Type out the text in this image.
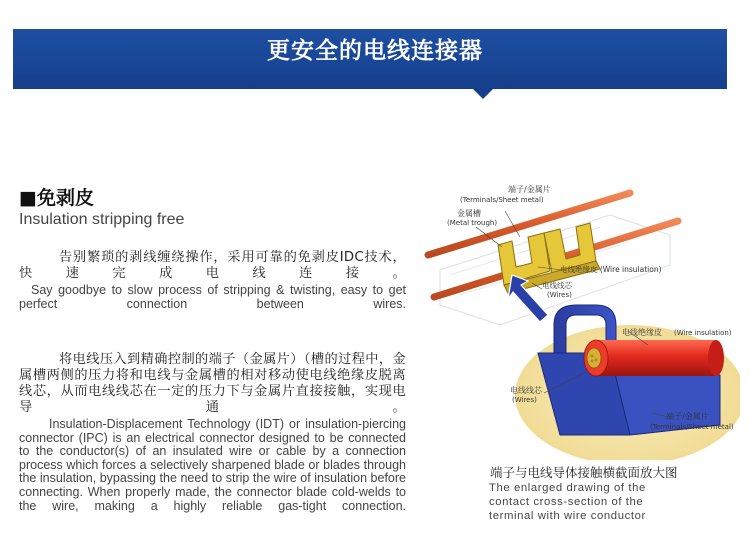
更安全的电线连接器
■免剥皮
Insulation stripping free
告别繁琐的剥线缠绕操作，采用可靠的免剥皮IDC技术，快速完成电线连接。
Say goodbye to slow process of stripping & twisting, easy to get perfect connection between wires.
将电线压入到精确控制的端子（金属片）（槽的过程中，金属槽两侧的压力将和电线与金属槽的相对移动使电线绝缘皮脱离线芯，从而电线线芯在一定的压力下与金属片直接接触，实现电导通。
Insulation-Displacement Technology (IDT) or insulation-piercing connector (IPC) is an electrical connector designed to be connected to the conductor(s) of an insulated wire or cable by a connection process which forces a selectively sharpened blade or blades through the insulation, bypassing the need to strip the wire of insulation before connecting. When properly made, the connector blade cold-welds to the wire, making a highly reliable gas-tight connection.
端子/金属片
(Terminals/Sheet metal)
金属槽
(Metal trough)
电线绝缘皮 (Wire insulation)
电线线芯
(Wires)
电线绝缘皮 (Wire insulation)
电线线芯
(Wires)
端子/金属片
(Terminals/Sheet metal)
端子与电线导体接触横截面放大图
The enlarged drawing of the contact cross-section of the terminal with wire conductor
